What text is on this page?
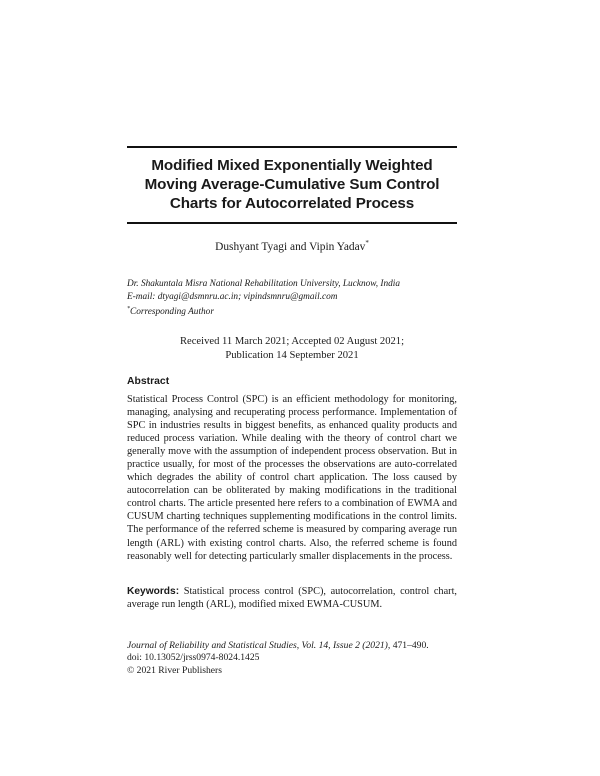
Modified Mixed Exponentially Weighted
Moving Average-Cumulative Sum Control
Charts for Autocorrelated Process
Dushyant Tyagi and Vipin Yadav*
Dr. Shakuntala Misra National Rehabilitation University, Lucknow, India
E-mail: dtyagi@dsmnru.ac.in; vipindsmnru@gmail.com
*Corresponding Author
Received 11 March 2021; Accepted 02 August 2021;
Publication 14 September 2021
Abstract
Statistical Process Control (SPC) is an efficient methodology for monitoring, managing, analysing and recuperating process performance. Implementation of SPC in industries results in biggest benefits, as enhanced quality products and reduced process variation. While dealing with the theory of control chart we generally move with the assumption of independent process observation. But in practice usually, for most of the processes the observations are auto-correlated which degrades the ability of control chart application. The loss caused by autocorrelation can be obliterated by making modifications in the traditional control charts. The article presented here refers to a combination of EWMA and CUSUM charting techniques supplementing modifications in the control limits. The performance of the referred scheme is measured by comparing average run length (ARL) with existing control charts. Also, the referred scheme is found reasonably well for detecting particularly smaller displacements in the process.
Keywords: Statistical process control (SPC), autocorrelation, control chart, average run length (ARL), modified mixed EWMA-CUSUM.
Journal of Reliability and Statistical Studies, Vol. 14, Issue 2 (2021), 471–490.
doi: 10.13052/jrss0974-8024.1425
© 2021 River Publishers
